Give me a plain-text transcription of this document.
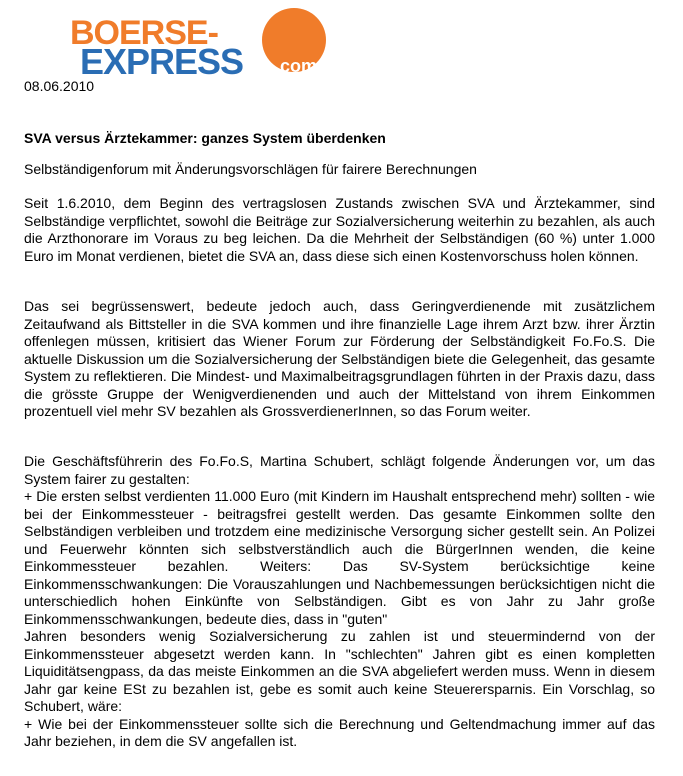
BOERSE-
EXPRESS com
08.06.2010
SVA versus Ärztekammer: ganzes System überdenken
Selbständigenforum mit Änderungsvorschlägen für fairere Berechnungen

Seit 1.6.2010, dem Beginn des vertragslosen Zustands zwischen SVA und Ärztekammer, sind Selbständige verpflichtet, sowohl die Beiträge zur Sozialversicherung weiterhin zu bezahlen, als auch die Arzthonorare im Voraus zu beg leichen. Da die Mehrheit der Selbständigen (60 %) unter 1.000 Euro im Monat verdienen, bietet die SVA an, dass diese sich einen Kostenvorschuss holen können.

Das sei begrüssenswert, bedeute jedoch auch, dass Geringverdienende mit zusätzlichem Zeitaufwand als Bittsteller in die SVA kommen und ihre finanzielle Lage ihrem Arzt bzw. ihrer Ärztin offenlegen müssen, kritisiert das Wiener Forum zur Förderung der Selbständigkeit Fo.Fo.S. Die aktuelle Diskussion um die Sozialversicherung der Selbständigen biete die Gelegenheit, das gesamte System zu reflektieren. Die Mindest- und Maximalbeitragsgrundlagen führten in der Praxis dazu, dass die grösste Gruppe der Wenigverdienenden und auch der Mittelstand von ihrem Einkommen prozentuell viel mehr SV bezahlen als GrossverdienerInnen, so das Forum weiter.

Die Geschäftsführerin des Fo.Fo.S, Martina Schubert, schlägt folgende Änderungen vor, um das System fairer zu gestalten:

+ Die ersten selbst verdienten 11.000 Euro (mit Kindern im Haushalt entsprechend mehr) sollten - wie bei der Einkommessteuer - beitragsfrei gestellt werden. Das gesamte Einkommen sollte den Selbständigen verbleiben und trotzdem eine medizinische Versorgung sicher gestellt sein. An Polizei und Feuerwehr könnten sich selbstverständlich auch die BürgerInnen wenden, die keine Einkommessteuer bezahlen. Weiters: Das SV-System berücksichtige keine Einkommensschwankungen: Die Vorauszahlungen und Nachbemessungen berücksichtigen nicht die unterschiedlich hohen Einkünfte von Selbständigen. Gibt es von Jahr zu Jahr große Einkommensschwankungen, bedeute dies, dass in "guten"

Jahren besonders wenig Sozialversicherung zu zahlen ist und steuermindernd von der Einkommenssteuer abgesetzt werden kann. In "schlechten" Jahren gibt es einen kompletten Liquiditätsengpass, da das meiste Einkommen an die SVA abgeliefert werden muss. Wenn in diesem Jahr gar keine ESt zu bezahlen ist, gebe es somit auch keine Steuerersparnis. Ein Vorschlag, so Schubert, wäre:

+ Wie bei der Einkommenssteuer sollte sich die Berechnung und Geltendmachung immer auf das Jahr beziehen, in dem die SV angefallen ist.
